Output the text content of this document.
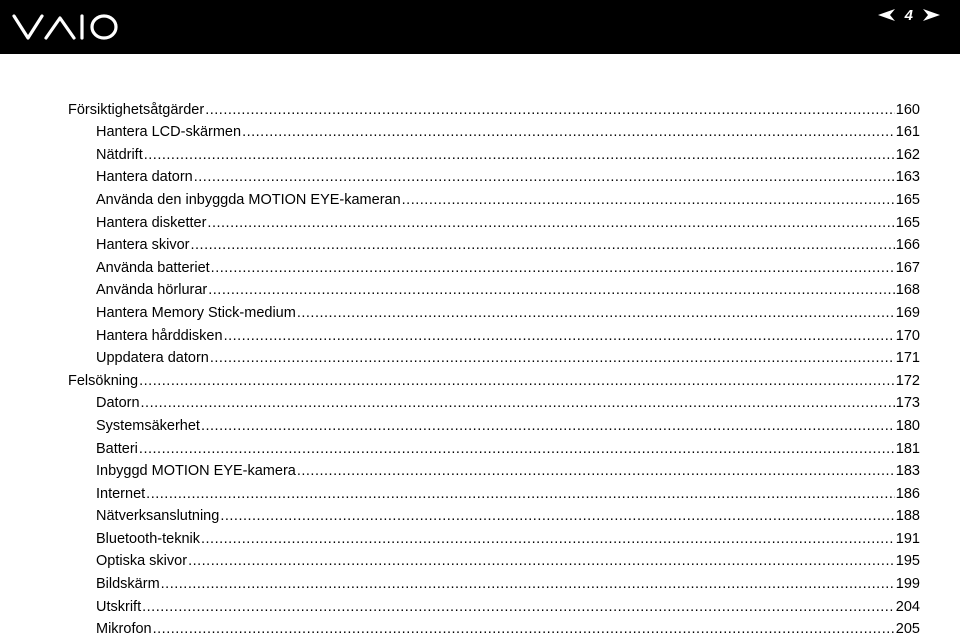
4
Försiktighetsåtgärder .....	160
Hantera LCD-skärmen .....	161
Nätdrift .....	162
Hantera datorn .....	163
Använda den inbyggda MOTION EYE-kameran .....	165
Hantera disketter .....	165
Hantera skivor .....	166
Använda batteriet .....	167
Använda hörlurar .....	168
Hantera Memory Stick-medium .....	169
Hantera hårddisken .....	170
Uppdatera datorn .....	171
Felsökning .....	172
Datorn .....	173
Systemsäkerhet .....	180
Batteri .....	181
Inbyggd MOTION EYE-kamera .....	183
Internet .....	186
Nätverksanslutning .....	188
Bluetooth-teknik .....	191
Optiska skivor .....	195
Bildskärm .....	199
Utskrift .....	204
Mikrofon .....	205
